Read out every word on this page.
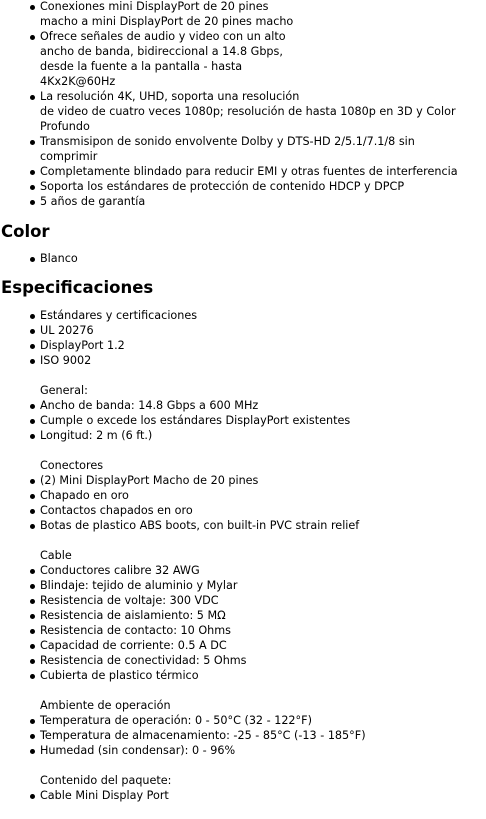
Conexiones mini DisplayPort de 20 pines
macho a mini DisplayPort de 20 pines macho
Ofrece señales de audio y video con un alto
ancho de banda, bidireccional a 14.8 Gbps,
desde la fuente a la pantalla - hasta
4Kx2K@60Hz
La resolución 4K, UHD, soporta una resolución
de video de cuatro veces 1080p; resolución de hasta 1080p en 3D y Color
Profundo
Transmisipon de sonido envolvente Dolby y DTS-HD 2/5.1/7.1/8 sin
comprimir
Completamente blindado para reducir EMI y otras fuentes de interferencia
Soporta los estándares de protección de contenido HDCP y DPCP
5 años de garantía
Color
Blanco
Especificaciones
Estándares y certificaciones
UL 20276
DisplayPort 1.2
ISO 9002
General:
Ancho de banda: 14.8 Gbps a 600 MHz
Cumple o excede los estándares DisplayPort existentes
Longitud: 2 m (6 ft.)
Conectores
(2) Mini DisplayPort Macho de 20 pines
Chapado en oro
Contactos chapados en oro
Botas de plastico ABS boots, con built-in PVC strain relief
Cable
Conductores calibre 32 AWG
Blindaje: tejido de aluminio y Mylar
Resistencia de voltaje: 300 VDC
Resistencia de aislamiento: 5 MΩ
Resistencia de contacto: 10 Ohms
Capacidad de corriente: 0.5 A DC
Resistencia de conectividad: 5 Ohms
Cubierta de plastico térmico
Ambiente de operación
Temperatura de operación: 0 - 50°C (32 - 122°F)
Temperatura de almacenamiento: -25 - 85°C (-13 - 185°F)
Humedad (sin condensar): 0 - 96%
Contenido del paquete:
Cable Mini Display Port
